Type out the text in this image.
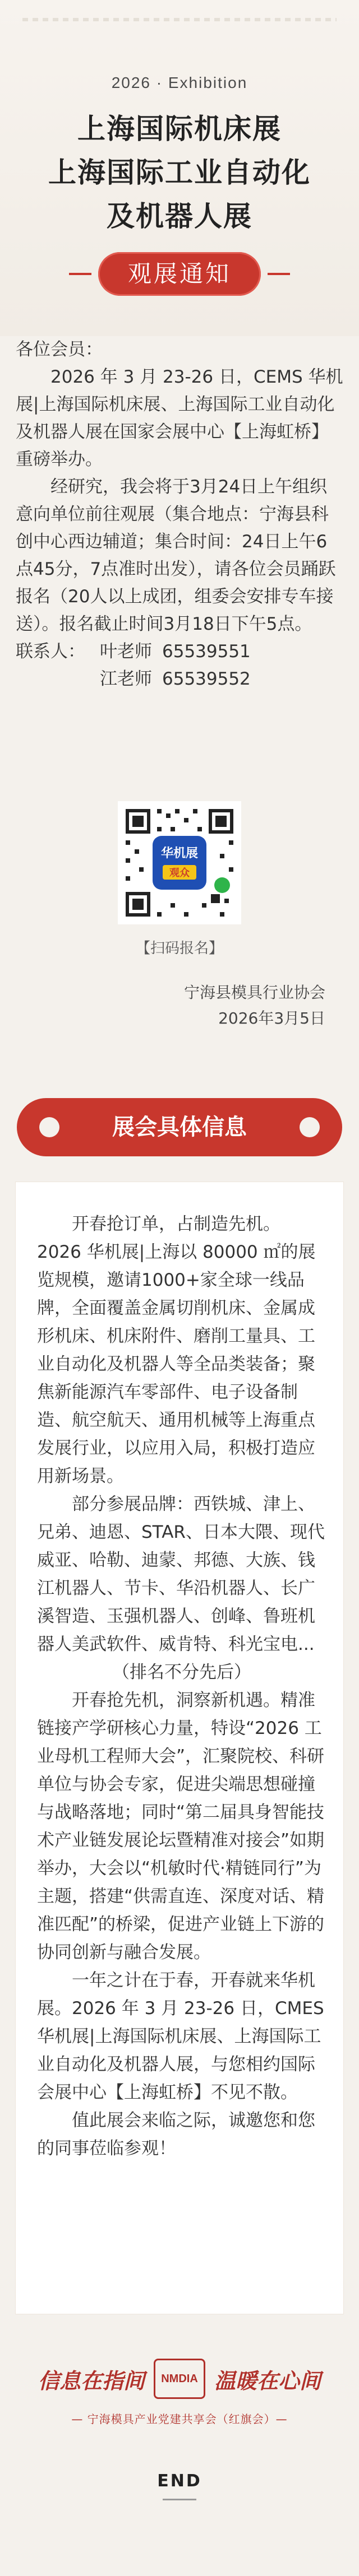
2026 · Exhibition
上海国际机床展
上海国际工业自动化
及机器人展
观展通知

各位会员：

2026 年 3 月 23-26 日，CEMS 华机展|上海国际机床展、上海国际工业自动化及机器人展在国家会展中心【上海虹桥】重磅举办。

经研究，我会将于3月24日上午组织意向单位前往观展（集合地点：宁海县科创中心西边辅道；集合时间：24日上午6点45分，7点准时出发），请各位会员踊跃报名（20人以上成团，组委会安排专车接送）。报名截止时间3月18日下午5点。

联系人： 叶老师 65539551
江老师 65539552
华机展
观众
【扫码报名】
宁海县模具行业协会
2026年3月5日
展会具体信息

开春抢订单，占制造先机。

2026 华机展|上海以 80000 ㎡的展览规模，邀请1000+家全球一线品牌，全面覆盖金属切削机床、金属成形机床、机床附件、磨削工量具、工业自动化及机器人等全品类装备；聚焦新能源汽车零部件、电子设备制造、航空航天、通用机械等上海重点发展行业，以应用入局，积极打造应用新场景。

部分参展品牌：西铁城、津上、兄弟、迪恩、STAR、日本大隈、现代威亚、哈勒、迪蒙、邦德、大族、钱江机器人、节卡、华沿机器人、长广溪智造、玉强机器人、创峰、鲁班机器人美武软件、威肯特、科光宝电...

（排名不分先后）

开春抢先机，洞察新机遇。精准链接产学研核心力量，特设“2026 工业母机工程师大会”，汇聚院校、科研单位与协会专家，促进尖端思想碰撞与战略落地；同时“第二届具身智能技术产业链发展论坛暨精准对接会”如期举办，大会以“机敏时代·精链同行”为主题，搭建“供需直连、深度对话、精准匹配”的桥梁，促进产业链上下游的协同创新与融合发展。

一年之计在于春，开春就来华机展。2026 年 3 月 23-26 日，CMES 华机展|上海国际机床展、上海国际工业自动化及机器人展，与您相约国际会展中心【上海虹桥】不见不散。

值此展会来临之际，诚邀您和您的同事莅临参观！

信息在指间	NMDIA 温暖在心间
— 宁海模具产业党建共享会（红旗会）—
END
